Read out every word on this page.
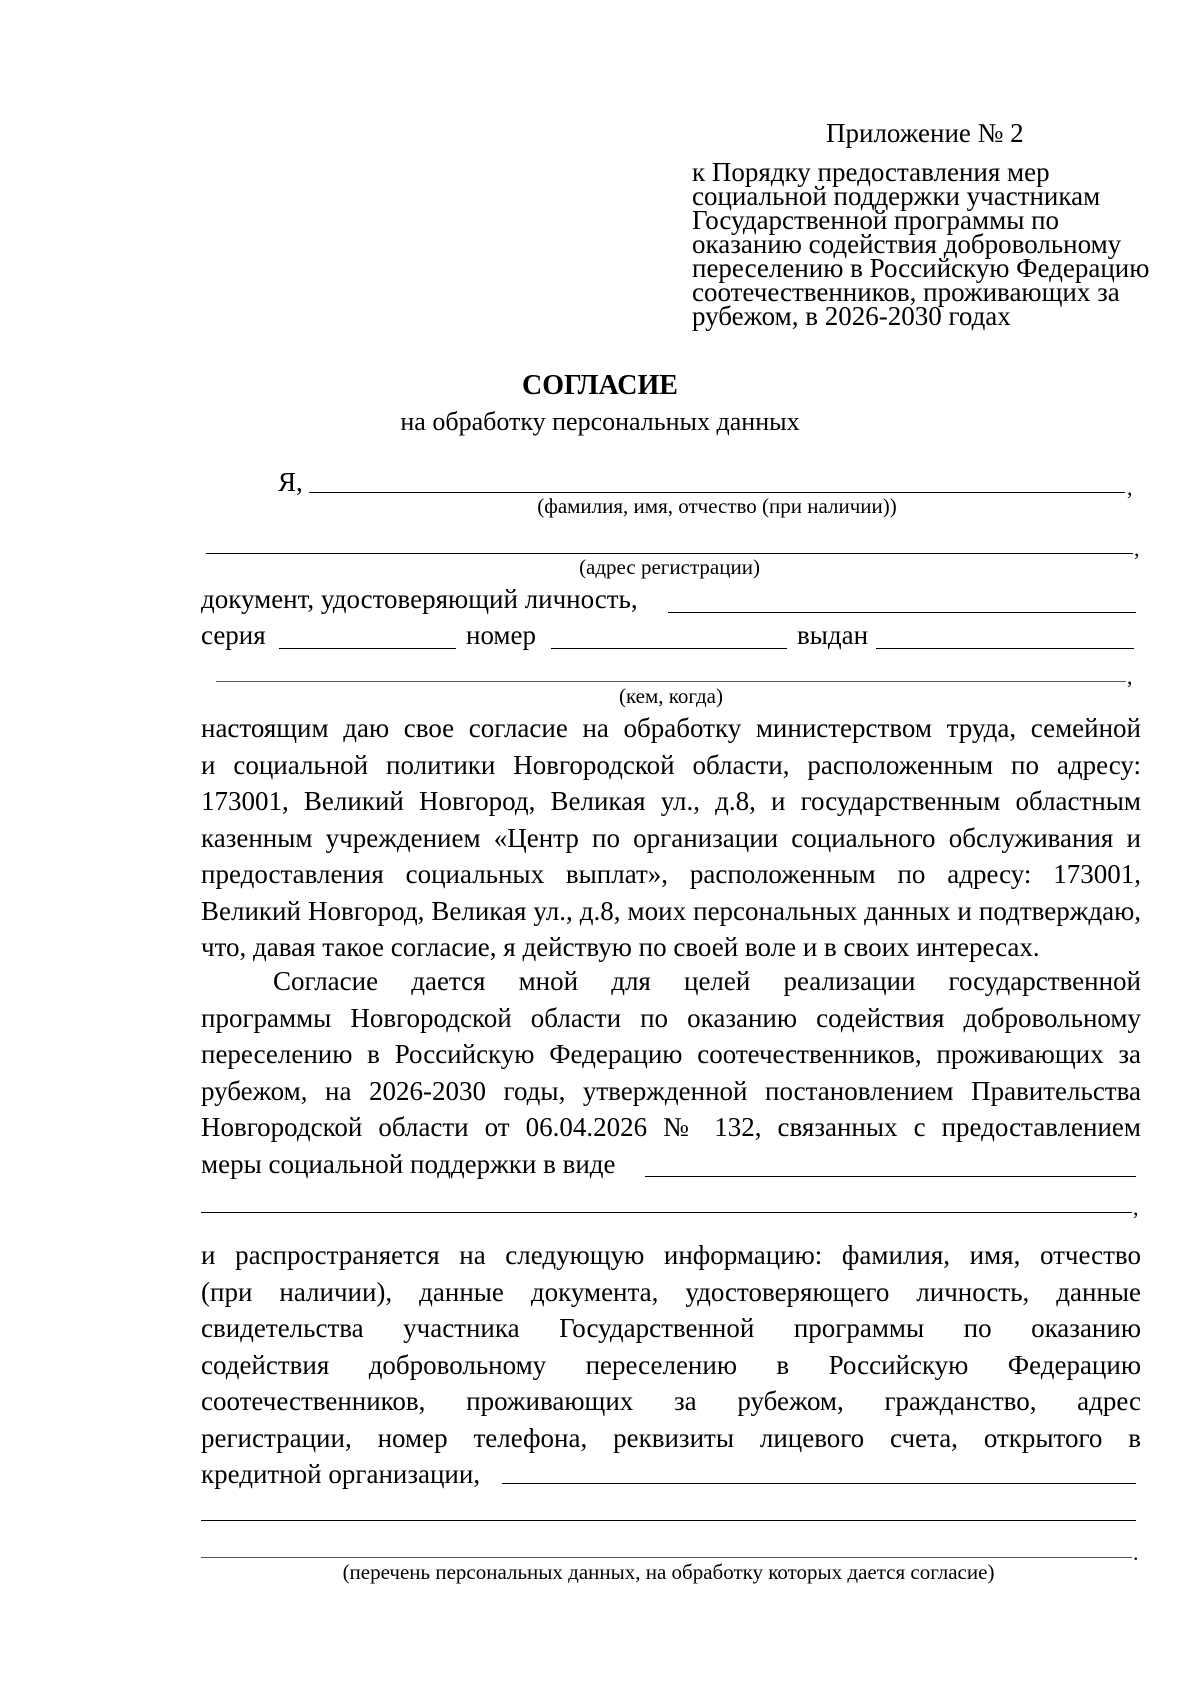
Приложение № 2
к Порядку предоставления мер
социальной поддержки участникам
Государственной программы по
оказанию содействия добровольному
переселению в Российскую Федерацию
соотечественников, проживающих за
рубежом, в 2026-2030 годах
СОГЛАСИЕ
на обработку персональных данных
Я,	,
(фамилия, имя, отчество (при наличии))
,
(адрес регистрации)
документ, удостоверяющий личность,
серия	номер	выдан
,
(кем, когда)
настоящим даю свое согласие на обработку министерством труда, семейной
и социальной политики Новгородской области, расположенным по адресу:
173001, Великий Новгород, Великая ул., д.8, и государственным областным
казенным учреждением «Центр по организации социального обслуживания и
предоставления социальных выплат», расположенным по адресу: 173001,
Великий Новгород, Великая ул., д.8, моих персональных данных и подтверждаю,
что, давая такое согласие, я действую по своей воле и в своих интересах.
Согласие дается мной для целей реализации государственной
программы Новгородской области по оказанию содействия добровольному
переселению в Российскую Федерацию соотечественников, проживающих за
рубежом, на 2026-2030 годы, утвержденной постановлением Правительства
Новгородской области от 06.04.2026 № 132, связанных с предоставлением
меры социальной поддержки в виде
,
и распространяется на следующую информацию: фамилия, имя, отчество
(при наличии), данные документа, удостоверяющего личность, данные
свидетельства участника Государственной программы по оказанию
содействия добровольному переселению в Российскую Федерацию
соотечественников, проживающих за рубежом, гражданство, адрес
регистрации, номер телефона, реквизиты лицевого счета, открытого в
кредитной организации,
.
(перечень персональных данных, на обработку которых дается согласие)
